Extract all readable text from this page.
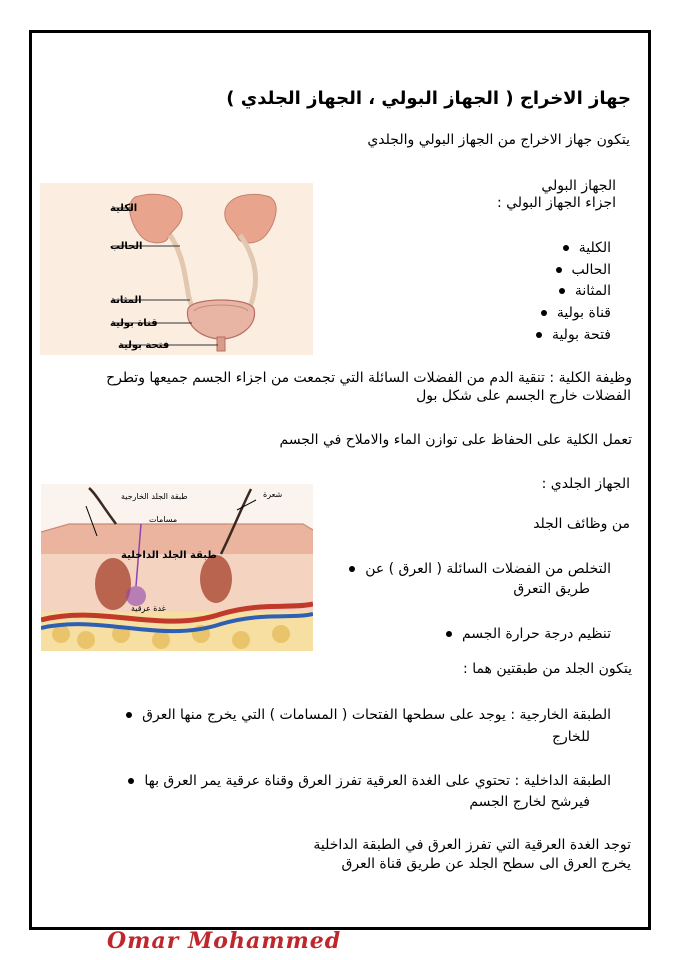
جهاز الاخراج ( الجهاز البولي ، الجهاز الجلدي )
يتكون جهاز الاخراج من الجهاز البولي والجلدي
الجهاز البولي
اجزاء الجهاز البولي :
الكلية
الحالب
المثانة
قناة بولية
فتحة بولية
الكلية
الحالب
المثانة
قناة بولية
فتحة بولية
وظيفة الكلية : تنقية الدم من الفضلات السائلة التي تجمعت من اجزاء الجسم جميعها وتطرح
الفضلات خارج الجسم على شكل بول
تعمل الكلية على الحفاظ على توازن الماء والاملاح في الجسم
الجهاز الجلدي :
من وظائف الجلد
التخلص من الفضلات السائلة ( العرق ) عن
طريق التعرق
تنظيم درجة حرارة الجسم
طبقة الجلد الخارجية	شعرة
مسامات
طبقة الجلد الداخلية
غدة عرقية
يتكون الجلد من طبقتين هما :
الطبقة الخارجية : يوجد على سطحها الفتحات ( المسامات ) التي يخرج منها العرق
للخارج
الطبقة الداخلية : تحتوي على الغدة العرقية تفرز العرق وقناة عرقية يمر العرق بها
فيرشح لخارج الجسم
توجد الغدة العرقية التي تفرز العرق في الطبقة الداخلية
يخرج العرق الى سطح الجلد عن طريق قناة العرق
Omar Mohammed
